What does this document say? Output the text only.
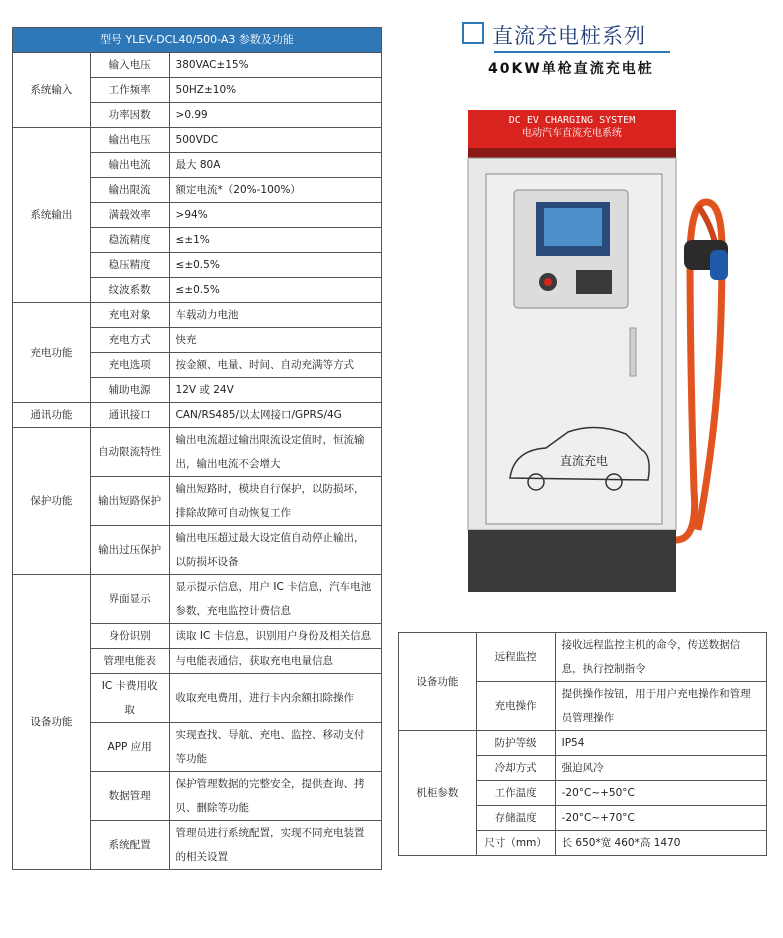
型号 YLEV-DCL40/500-A3 参数及功能		
系统输入	输入电压	380VAC±15%
	工作频率	50HZ±10%
	功率因数	>0.99
系统输出	输出电压	500VDC
	输出电流	最大 80A
	输出限流	额定电流*（20%-100%）
	满载效率	>94%
	稳流精度	≤±1%
	稳压精度	≤±0.5%
	纹波系数	≤±0.5%
充电功能	充电对象	车载动力电池
	充电方式	快充
	充电选项	按金额、电量、时间、自动充满等方式
	辅助电源	12V 或 24V
通讯功能	通讯接口	CAN/RS485/以太网接口/GPRS/4G
保护功能	自动限流特性	输出电流超过输出限流设定值时，恒流输出，输出电流不会增大
	输出短路保护	输出短路时，模块自行保护，以防损坏，排除故障可自动恢复工作
	输出过压保护	输出电压超过最大设定值自动停止输出，以防损坏设备
设备功能	界面显示	显示提示信息，用户 IC 卡信息，汽车电池参数，充电监控计费信息
	身份识别	读取 IC 卡信息，识别用户身份及相关信息
	管理电能表	与电能表通信，获取充电电量信息
	IC 卡费用收取	收取充电费用，进行卡内余额扣除操作
	APP 应用	实现查找、导航、充电、监控、移动支付等功能
	数据管理	保护管理数据的完整安全，提供查询、拷贝、删除等功能
	系统配置	管理员进行系统配置，实现不同充电装置的相关设置
设备功能	远程监控	接收远程监控主机的命令，传送数据信息，执行控制指令
	充电操作	提供操作按钮，用于用户充电操作和管理员管理操作
机柜参数	防护等级	IP54
	冷却方式	强迫风冷
	工作温度	-20°C~+50°C
	存储温度	-20°C~+70°C
	尺寸（mm）	长 650*宽 460*高 1470
直流充电桩系列
40KW单枪直流充电桩
DC EV CHARGING SYSTEM
电动汽车直流充电系统
直流充电
